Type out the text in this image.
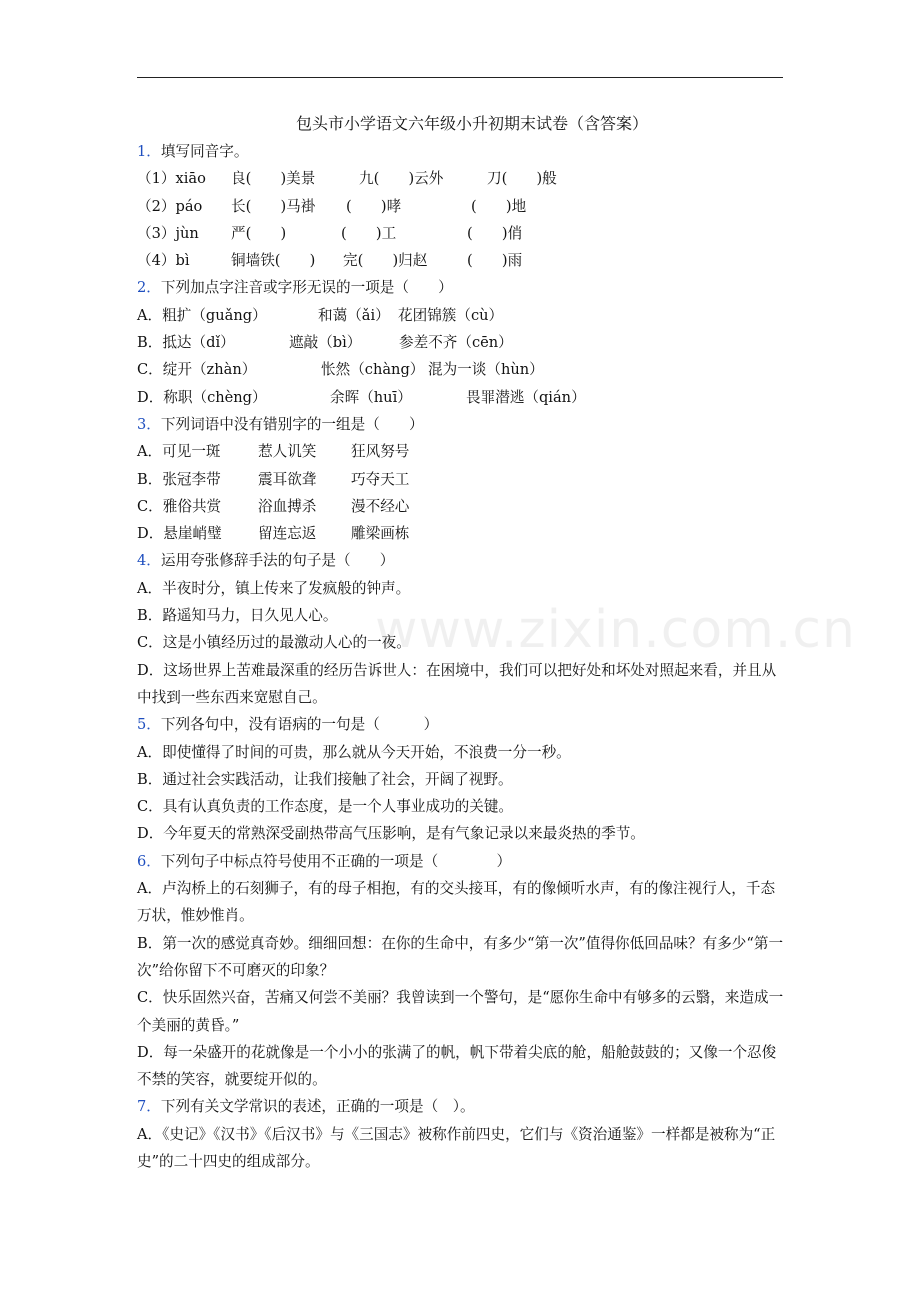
www.zixin.com.cn
包头市小学语文六年级小升初期末试卷（含答案）
1．填写同音字。
（1）xiāo 良(　　)美景	九(　　)云外	刀(　　)般
（2）páo 长(　　)马褂 (　　)哮	(　　)地
（3）jùn 严(　　)	(　　)工	(　　)俏
（4）bì	铜墙铁(　　) 完(　　)归赵	(　　)雨
2．下列加点字注音或字形无误的一项是（　　）
A．粗扩（guǎng）	和蔼（ǎi） 花团锦簇（cù）
B．抵达（dǐ）	遮敲（bì）	参差不齐（cēn）
C．绽开（zhàn）	怅然（chàng） 混为一谈（hùn）
D．称职（chèng）	余晖（huī）	畏罪潜逃（qián）
3．下列词语中没有错别字的一组是（　　）
A．可见一斑	惹人讥笑 狂风努号
B．张冠李带	震耳欲聋 巧夺天工
C．雅俗共赏	浴血搏杀 漫不经心
D．悬崖峭璧 留连忘返 雕梁画栋
4．运用夸张修辞手法的句子是（　　）
A．半夜时分，镇上传来了发疯般的钟声。
B．路遥知马力，日久见人心。
C．这是小镇经历过的最激动人心的一夜。
D．这场世界上苦难最深重的经历告诉世人：在困境中，我们可以把好处和坏处对照起来看，并且从中找到一些东西来宽慰自己。
5．下列各句中，没有语病的一句是（　　　）
A．即使懂得了时间的可贵，那么就从今天开始，不浪费一分一秒。
B．通过社会实践活动，让我们接触了社会，开阔了视野。
C．具有认真负责的工作态度，是一个人事业成功的关键。
D．今年夏天的常熟深受副热带高气压影响，是有气象记录以来最炎热的季节。
6．下列句子中标点符号使用不正确的一项是（　　　　）
A．卢沟桥上的石刻狮子，有的母子相抱，有的交头接耳，有的像倾听水声，有的像注视行人，千态万状，惟妙惟肖。
B．第一次的感觉真奇妙。细细回想：在你的生命中，有多少“第一次”值得你低回品味？有多少“第一次”给你留下不可磨灭的印象？
C．快乐固然兴奋，苦痛又何尝不美丽？我曾读到一个警句，是“愿你生命中有够多的云翳，来造成一个美丽的黄昏。”
D．每一朵盛开的花就像是一个小小的张满了的帆，帆下带着尖底的舱，船舱鼓鼓的；又像一个忍俊不禁的笑容，就要绽开似的。
7．下列有关文学常识的表述，正确的一项是（　）。
A．《史记》《汉书》《后汉书》与《三国志》被称作前四史，它们与《资治通鉴》一样都是被称为“正史”的二十四史的组成部分。
